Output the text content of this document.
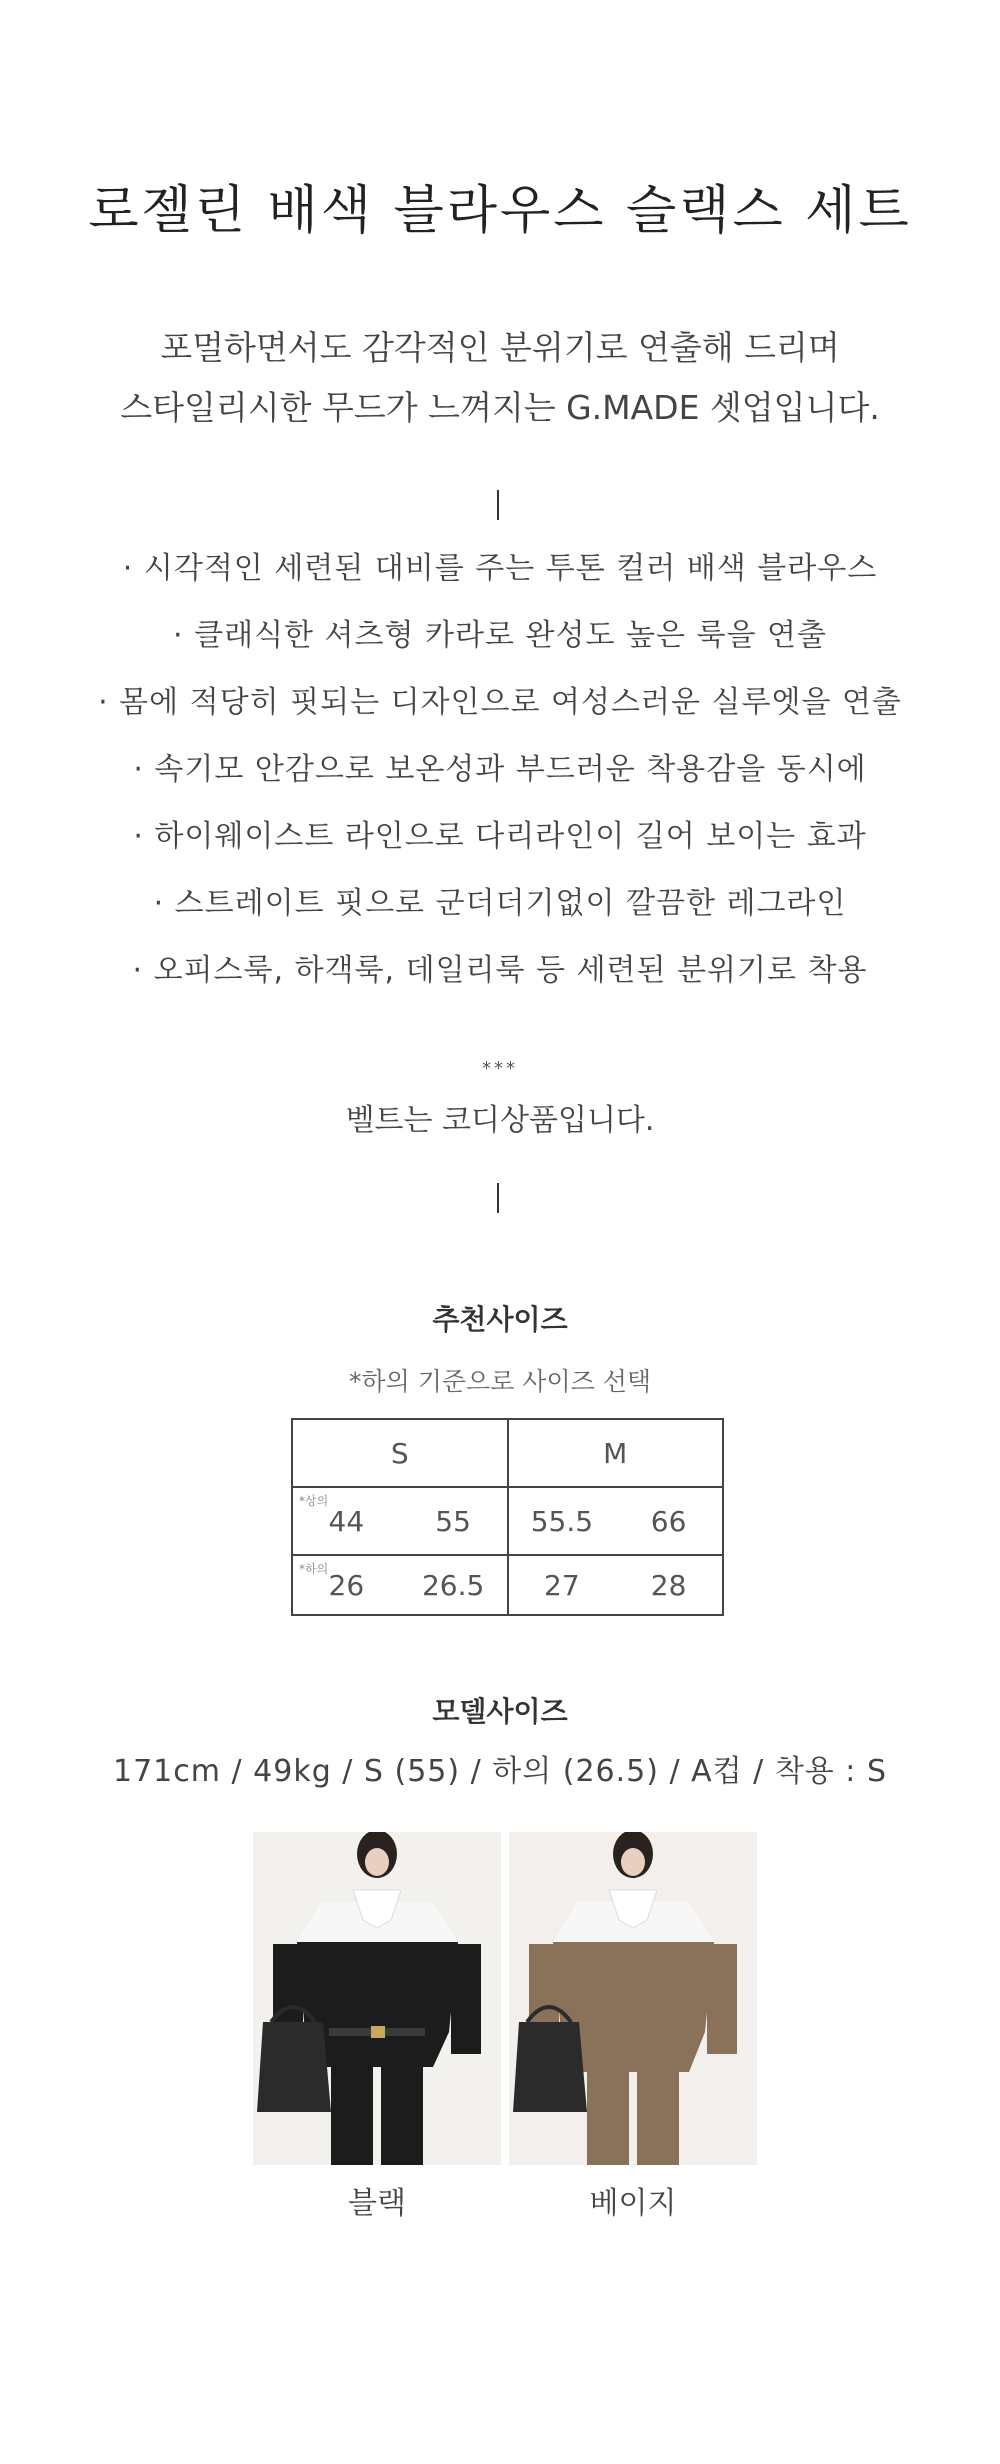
로젤린 배색 블라우스 슬랙스 세트
포멀하면서도 감각적인 분위기로 연출해 드리며
스타일리시한 무드가 느껴지는 G.MADE 셋업입니다.
· 시각적인 세련된 대비를 주는 투톤 컬러 배색 블라우스
· 클래식한 셔츠형 카라로 완성도 높은 룩을 연출
· 몸에 적당히 핏되는 디자인으로 여성스러운 실루엣을 연출
· 속기모 안감으로 보온성과 부드러운 착용감을 동시에
· 하이웨이스트 라인으로 다리라인이 길어 보이는 효과
· 스트레이트 핏으로 군더더기없이 깔끔한 레그라인
· 오피스룩, 하객룩, 데일리룩 등 세련된 분위기로 착용
***
벨트는 코디상품입니다.
추천사이즈
*하의 기준으로 사이즈 선택
S		M	

*상의
44	55	55.5	66

*하의 26	26.5	27	28
모델사이즈
171cm / 49kg / S (55) / 하의 (26.5) / A컵 / 착용 : S
블랙	베이지
